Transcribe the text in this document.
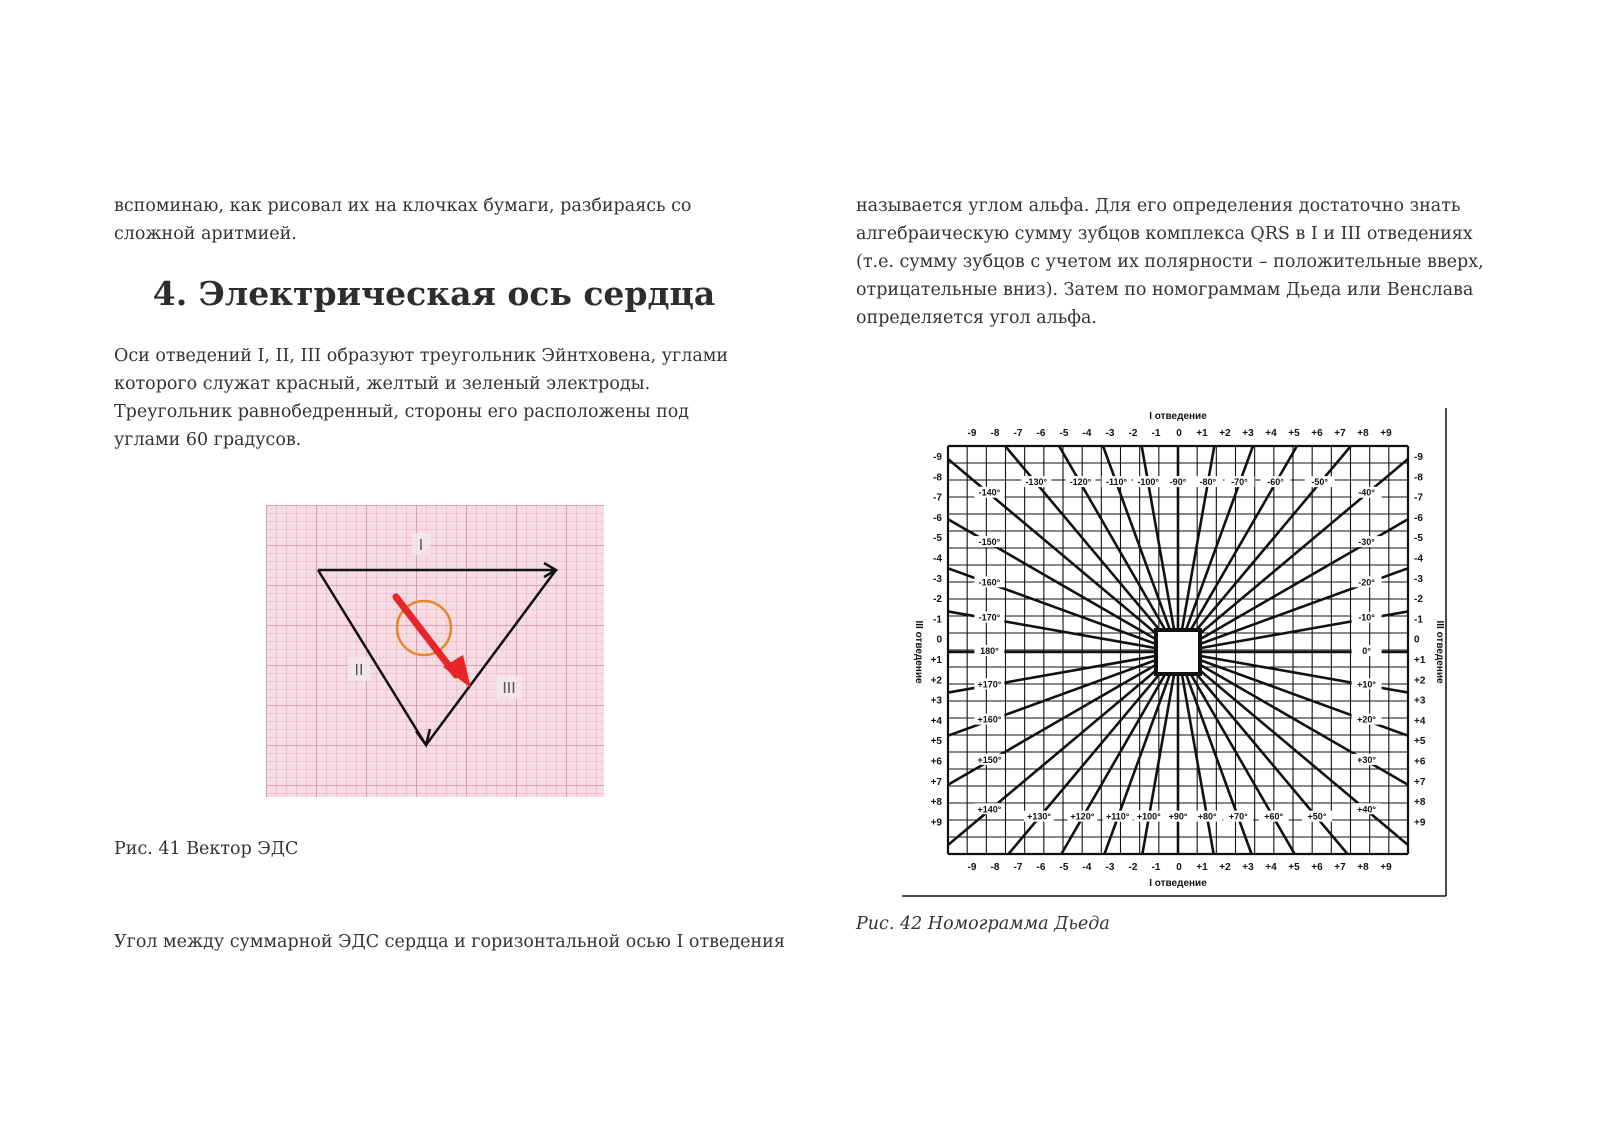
вспоминаю, как рисовал их на клочках бумаги, разбираясь со сложной аритмией.

4. Электрическая ось сердца

Оси отведений I, II, III образуют треугольник Эйнтховена, углами которого служат красный, желтый и зеленый электроды. Треугольник равнобедренный, стороны его расположены под углами 60 градусов.

I
II
III
Рис. 41 Вектор ЭДС
Угол между суммарной ЭДС сердца и горизонтальной осью I отведения

называется углом альфа. Для его определения достаточно знать алгебраическую сумму зубцов комплекса QRS в I и III отведениях (т.е. сумму зубцов с учетом их полярности – положительные вверх, отрицательные вниз). Затем по номограммам Дьеда или Венслава определяется угол альфа.

I отведение
I отведение
III отведение	III отведение
-9
-9
-8
-8
-7
-7
-6
-6
-5
-5
-4
-4
-3
-3
-2
-2
-1
-1
0
0
+1
+1
+2
+2
+3
+3
+4
+4
+5
+5
+6
+6
+7
+7
+8
+8
+9
+9
-9	-9
-8	-8
-7	-7
-6	-6
-5	-5
-4	-4
-3	-3
-2	-2
-1	-1
0	0
+1	+1
+2	+2
+3	+3
+4	+4
+5	+5
+6	+6
+7	+7
+8	+8
+9	+9
-100° -90° -80°
-110°	-70° -60°	-50°
-40°
-30°
-20°
-10°
0°
+10°
+20°
+30°
+40°
+50°
+60°
+70°
+80°
+90°
+100°
+110°
+120°
+130°
+140°
+150°
+160°
+170°
180°
-170°
-160°
-150°
-140°
-130°	-120°
Рис. 42 Номограмма Дьеда
